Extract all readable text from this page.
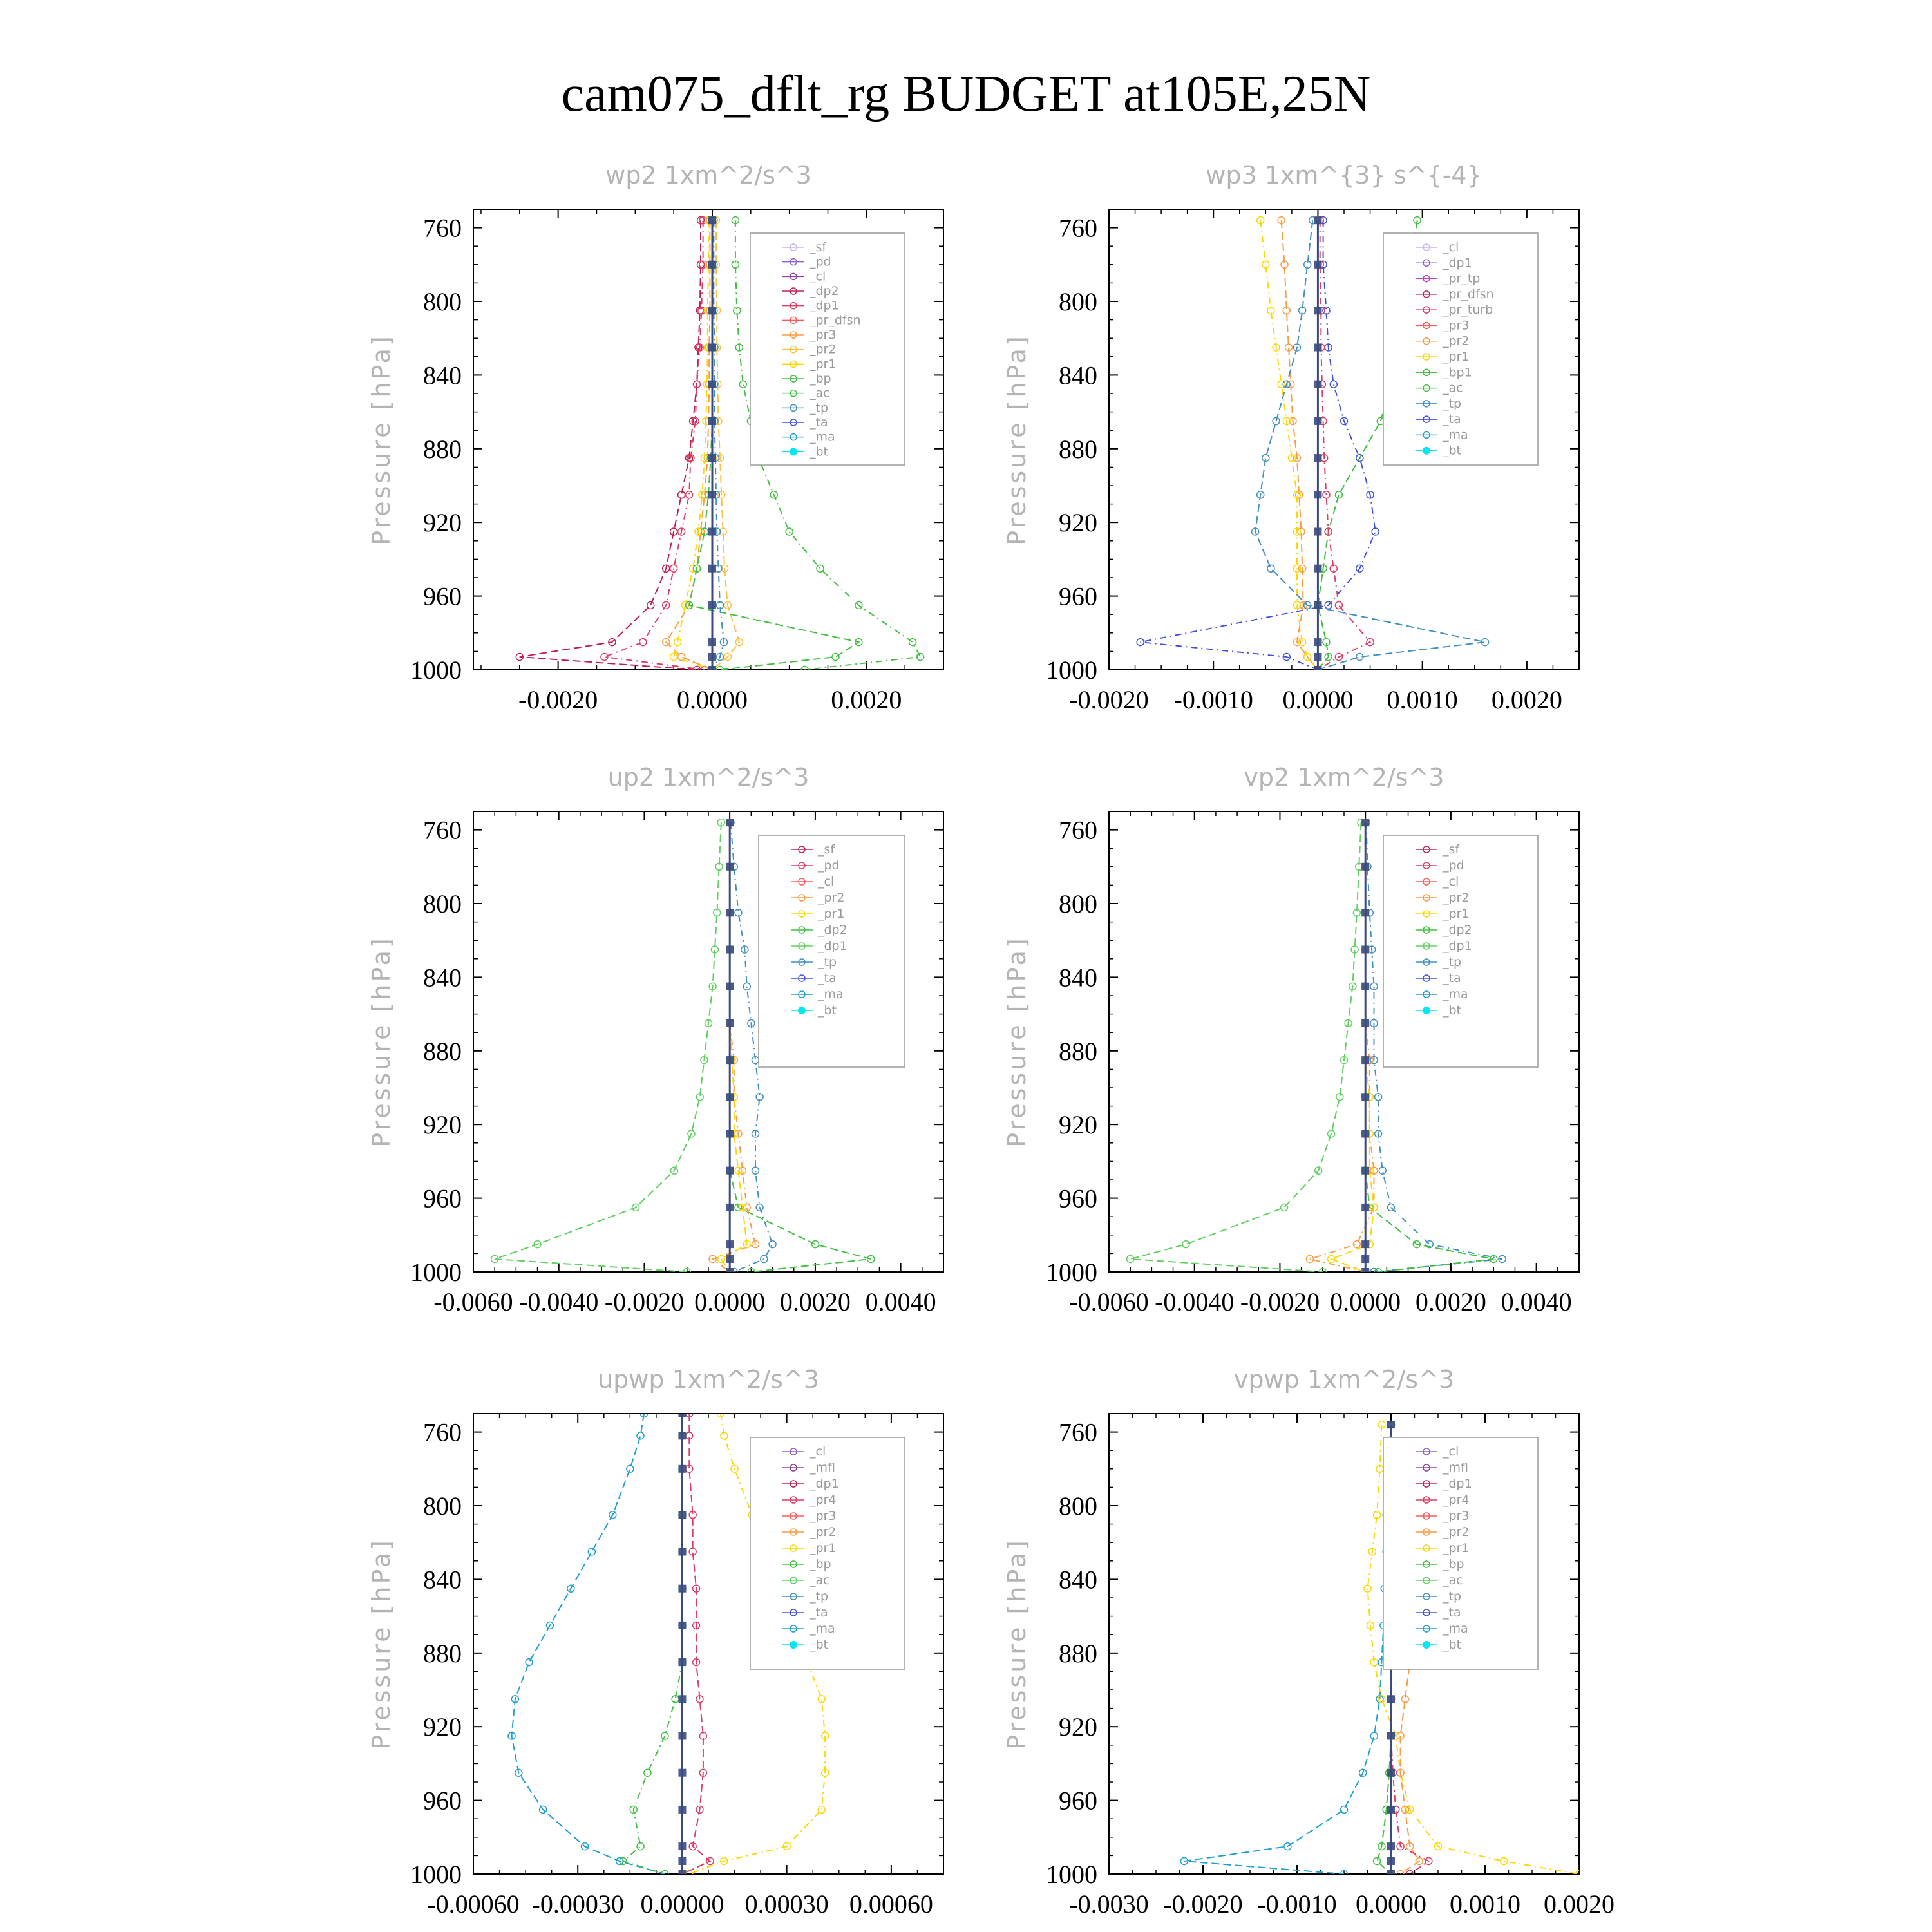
cam075_dflt_rg BUDGET at105E,25N
wp2 1xm^2/s^3
Pressure [hPa]
760
800
840
880
920
960
1000
-0.0020	0.0000	0.0020
_sf
_pd
_cl
_dp2
_dp1
_pr_dfsn
_pr3
_pr2
_pr1
_bp
_ac
_tp
_ta
_ma
_bt
wp3 1xm^{3} s^{-4}
Pressure [hPa]
760
800
840
880
920
960
1000
-0.0020 -0.0010 0.0000 0.0010 0.0020
_cl
_dp1
_pr_tp
_pr_dfsn
_pr_turb
_pr3
_pr2
_pr1
_bp1
_ac
_tp
_ta
_ma
_bt
up2 1xm^2/s^3
Pressure [hPa]
760
800
840
880
920
960
1000
-0.0060 -0.0040 -0.0020 0.0000 0.0020 0.0040
_sf
_pd
_cl
_pr2
_pr1
_dp2
_dp1
_tp
_ta
_ma
_bt
vp2 1xm^2/s^3
Pressure [hPa]
760
800
840
880
920
960
1000
-0.0060 -0.0040 -0.0020 0.0000 0.0020 0.0040
_sf
_pd
_cl
_pr2
_pr1
_dp2
_dp1
_tp
_ta
_ma
_bt
upwp 1xm^2/s^3
Pressure [hPa]
760
800
840
880
920
960
1000
-0.00060 -0.00030 0.00000 0.00030 0.00060
_cl
_mfl
_dp1
_pr4
_pr3
_pr2
_pr1
_bp
_ac
_tp
_ta
_ma
_bt
vpwp 1xm^2/s^3
Pressure [hPa]
760
800
840
880
920
960
1000
-0.0030 -0.0020 -0.0010 0.0000 0.0010 0.0020
_cl
_mfl
_dp1
_pr4
_pr3
_pr2
_pr1
_bp
_ac
_tp
_ta
_ma
_bt
